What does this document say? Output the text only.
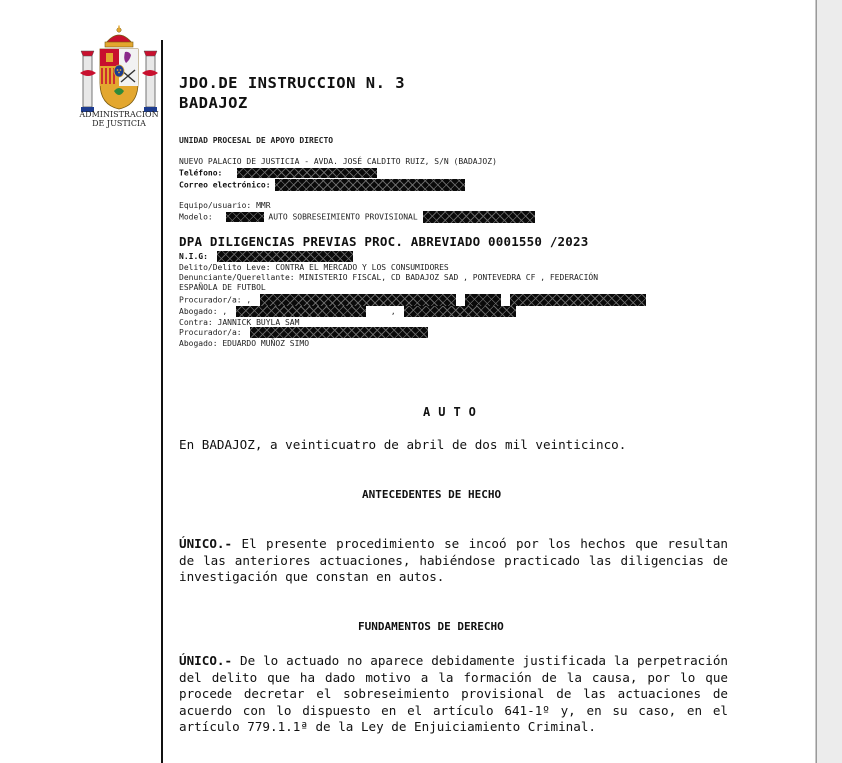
ADMINISTRACION
DE JUSTICIA
JDO.DE INSTRUCCION N. 3
BADAJOZ
UNIDAD PROCESAL DE APOYO DIRECTO
NUEVO PALACIO DE JUSTICIA - AVDA. JOSÉ CALDITO RUIZ, S/N (BADAJOZ)
Teléfono:
Correo electrónico:
Equipo/usuario: MMR
Modelo:	AUTO SOBRESEIMIENTO PROVISIONAL
DPA DILIGENCIAS PREVIAS PROC. ABREVIADO 0001550 /2023
N.I.G:
Delito/Delito Leve: CONTRA EL MERCADO Y LOS CONSUMIDORES
Denunciante/Querellante: MINISTERIO FISCAL, CD BADAJOZ SAD , PONTEVEDRA CF , FEDERACIÓN
ESPAÑOLA DE FUTBOL
Procurador/a: ,
Abogado: ,	,
Contra: JANNICK BUYLA SAM
Procurador/a:
Abogado: EDUARDO MUÑOZ SIMO
AUTO
En BADAJOZ, a veinticuatro de abril de dos mil veinticinco.
ANTECEDENTES DE HECHO
ÚNICO.- El presente procedimiento se incoó por los hechos que resultan de las anteriores actuaciones, habiéndose practicado las diligencias de investigación que constan en autos.
FUNDAMENTOS DE DERECHO
ÚNICO.- De lo actuado no aparece debidamente justificada la perpetración del delito que ha dado motivo a la formación de la causa, por lo que procede decretar el sobreseimiento provisional de las actuaciones de acuerdo con lo dispuesto en el artículo 641-1º y, en su caso, en el artículo 779.1.1ª de la Ley de Enjuiciamiento Criminal.
